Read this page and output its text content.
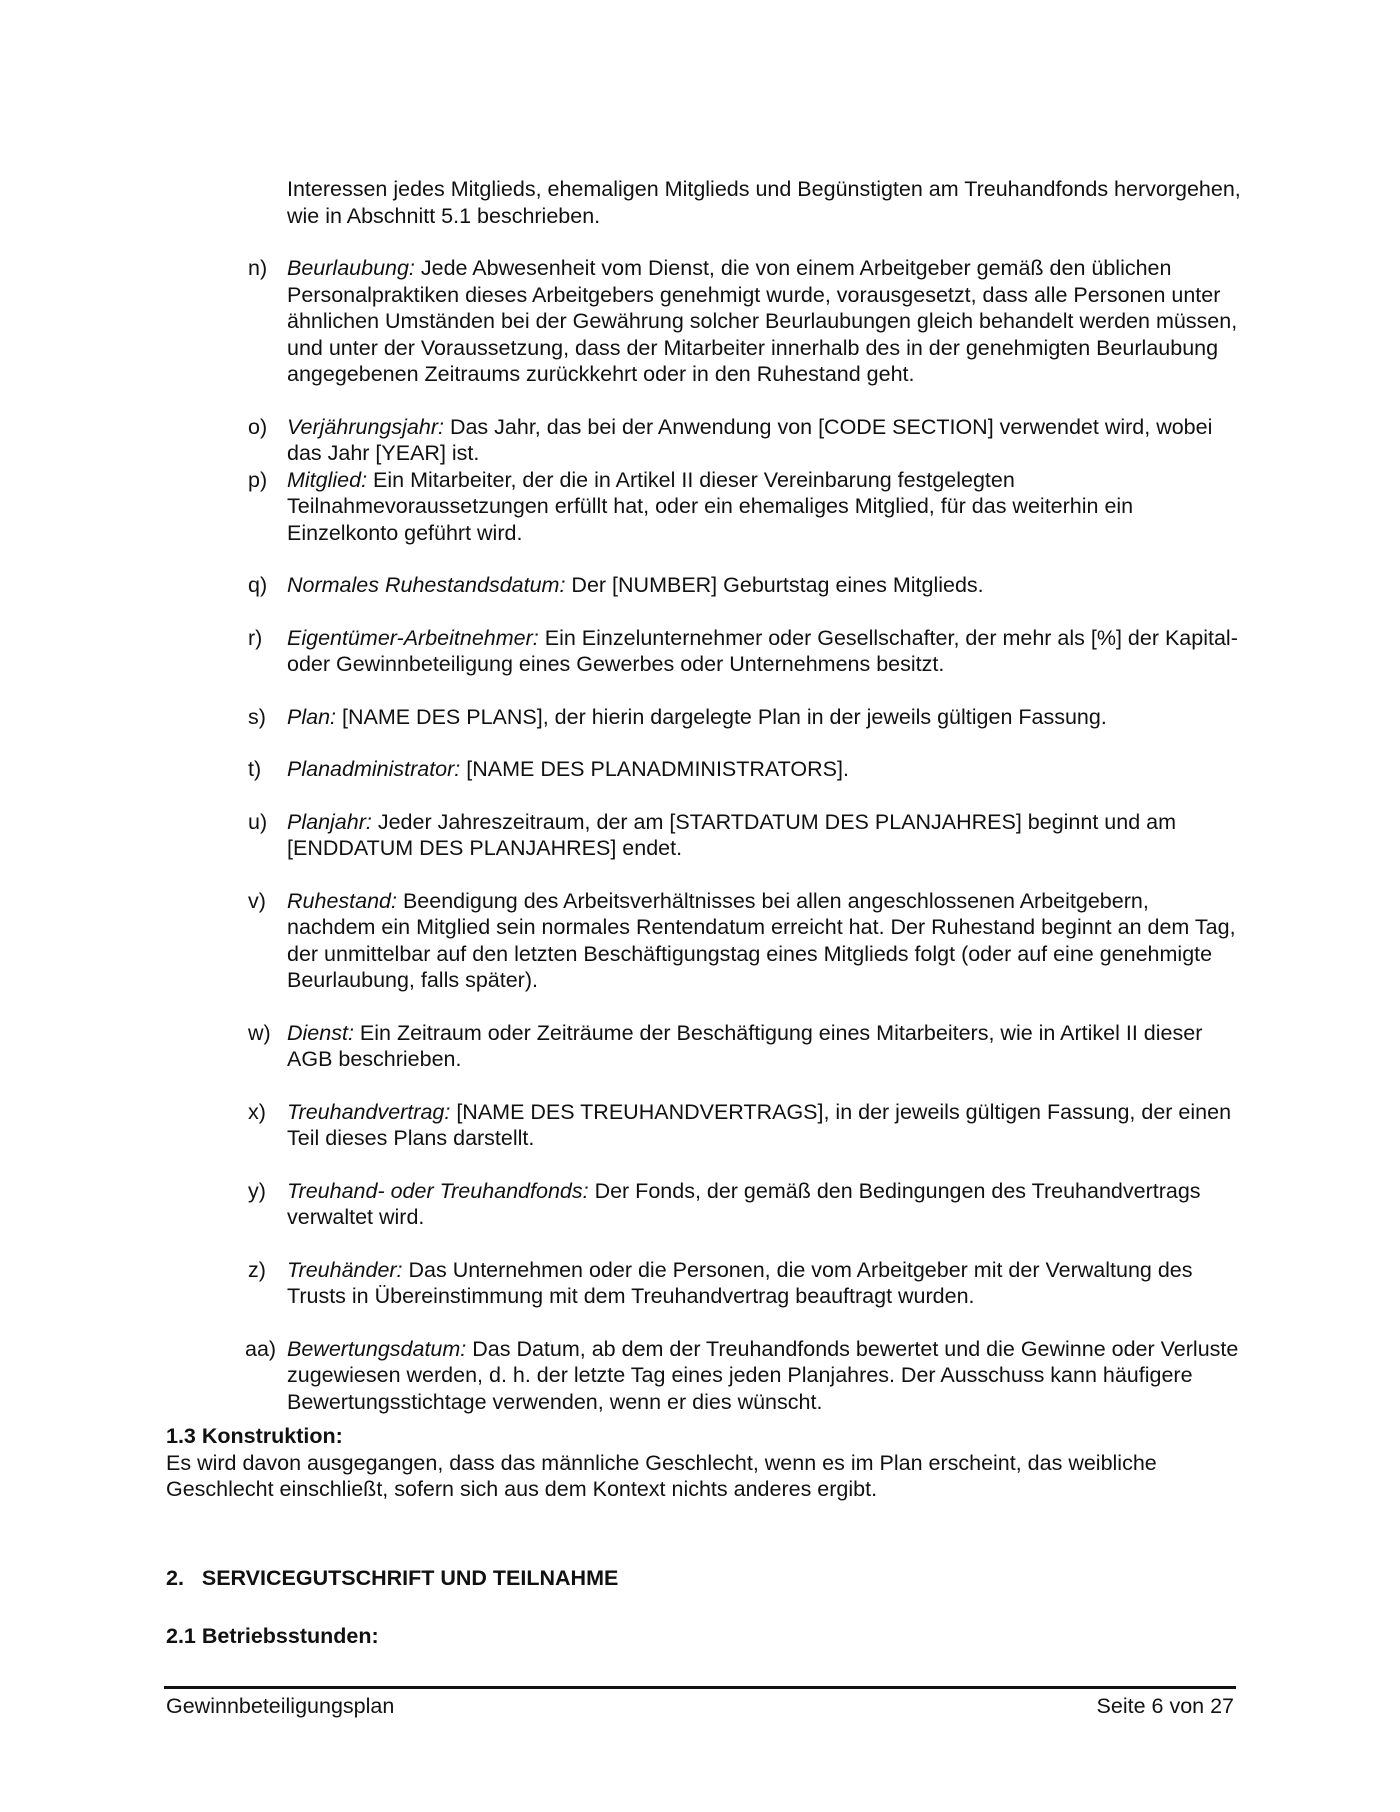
Interessen jedes Mitglieds, ehemaligen Mitglieds und Begünstigten am Treuhandfonds hervorgehen, wie in Abschnitt 5.1 beschrieben.
n) Beurlaubung: Jede Abwesenheit vom Dienst, die von einem Arbeitgeber gemäß den üblichen Personalpraktiken dieses Arbeitgebers genehmigt wurde, vorausgesetzt, dass alle Personen unter ähnlichen Umständen bei der Gewährung solcher Beurlaubungen gleich behandelt werden müssen, und unter der Voraussetzung, dass der Mitarbeiter innerhalb des in der genehmigten Beurlaubung angegebenen Zeitraums zurückkehrt oder in den Ruhestand geht.
o) Verjährungsjahr: Das Jahr, das bei der Anwendung von [CODE SECTION] verwendet wird, wobei das Jahr [YEAR] ist.
p) Mitglied: Ein Mitarbeiter, der die in Artikel II dieser Vereinbarung festgelegten Teilnahmevoraussetzungen erfüllt hat, oder ein ehemaliges Mitglied, für das weiterhin ein Einzelkonto geführt wird.
q) Normales Ruhestandsdatum: Der [NUMBER] Geburtstag eines Mitglieds.
r)	Eigentümer-Arbeitnehmer: Ein Einzelunternehmer oder Gesellschafter, der mehr als [%] der Kapital- oder Gewinnbeteiligung eines Gewerbes oder Unternehmens besitzt.
s) Plan: [NAME DES PLANS], der hierin dargelegte Plan in der jeweils gültigen Fassung.
t)	Planadministrator: [NAME DES PLANADMINISTRATORS].
u) Planjahr: Jeder Jahreszeitraum, der am [STARTDATUM DES PLANJAHRES] beginnt und am [ENDDATUM DES PLANJAHRES] endet.
v) Ruhestand: Beendigung des Arbeitsverhältnisses bei allen angeschlossenen Arbeitgebern, nachdem ein Mitglied sein normales Rentendatum erreicht hat. Der Ruhestand beginnt an dem Tag, der unmittelbar auf den letzten Beschäftigungstag eines Mitglieds folgt (oder auf eine genehmigte Beurlaubung, falls später).
w) Dienst: Ein Zeitraum oder Zeiträume der Beschäftigung eines Mitarbeiters, wie in Artikel II dieser AGB beschrieben.
x) Treuhandvertrag: [NAME DES TREUHANDVERTRAGS], in der jeweils gültigen Fassung, der einen Teil dieses Plans darstellt.
y) Treuhand- oder Treuhandfonds: Der Fonds, der gemäß den Bedingungen des Treuhandvertrags verwaltet wird.
z) Treuhänder: Das Unternehmen oder die Personen, die vom Arbeitgeber mit der Verwaltung des Trusts in Übereinstimmung mit dem Treuhandvertrag beauftragt wurden.
aa) Bewertungsdatum: Das Datum, ab dem der Treuhandfonds bewertet und die Gewinne oder Verluste zugewiesen werden, d. h. der letzte Tag eines jeden Planjahres. Der Ausschuss kann häufigere Bewertungsstichtage verwenden, wenn er dies wünscht.
1.3 Konstruktion:
Es wird davon ausgegangen, dass das männliche Geschlecht, wenn es im Plan erscheint, das weibliche Geschlecht einschließt, sofern sich aus dem Kontext nichts anderes ergibt.
2.   SERVICEGUTSCHRIFT UND TEILNAHME
2.1 Betriebsstunden:
Gewinnbeteiligungsplan	Seite 6 von 27
